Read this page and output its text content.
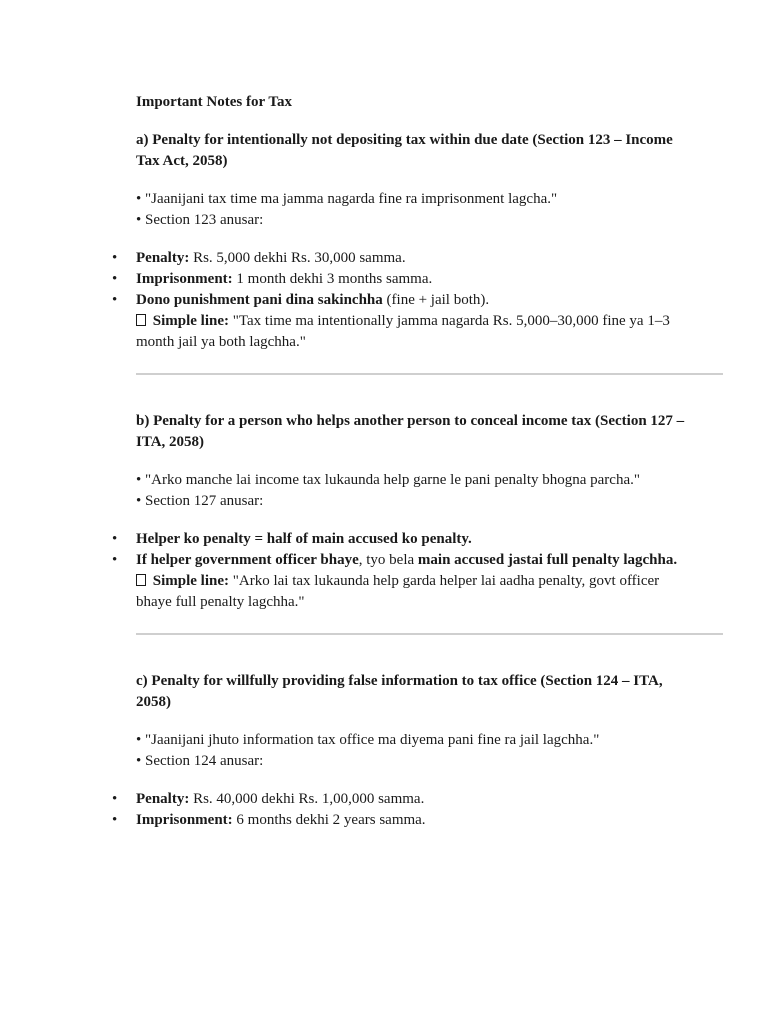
Important Notes for Tax

a) Penalty for intentionally not depositing tax within due date (Section 123 – Income Tax Act, 2058)

• "Jaanijani tax time ma jamma nagarda fine ra imprisonment lagcha."

• Section 123 anusar:

• Penalty: Rs. 5,000 dekhi Rs. 30,000 samma.
• Imprisonment: 1 month dekhi 3 months samma.
• Dono punishment pani dina sakinchha (fine + jail both).
Simple line: "Tax time ma intentionally jamma nagarda Rs. 5,000–30,000 fine ya 1–3 month jail ya both lagchha."

b) Penalty for a person who helps another person to conceal income tax (Section 127 – ITA, 2058)

• "Arko manche lai income tax lukaunda help garne le pani penalty bhogna parcha."

• Section 127 anusar:

• Helper ko penalty = half of main accused ko penalty.
• If helper government officer bhaye, tyo bela main accused jastai full penalty lagchha.
Simple line: "Arko lai tax lukaunda help garda helper lai aadha penalty, govt officer bhaye full penalty lagchha."

c) Penalty for willfully providing false information to tax office (Section 124 – ITA, 2058)

• "Jaanijani jhuto information tax office ma diyema pani fine ra jail lagchha."

• Section 124 anusar:

• Penalty: Rs. 40,000 dekhi Rs. 1,00,000 samma.
• Imprisonment: 6 months dekhi 2 years samma.
